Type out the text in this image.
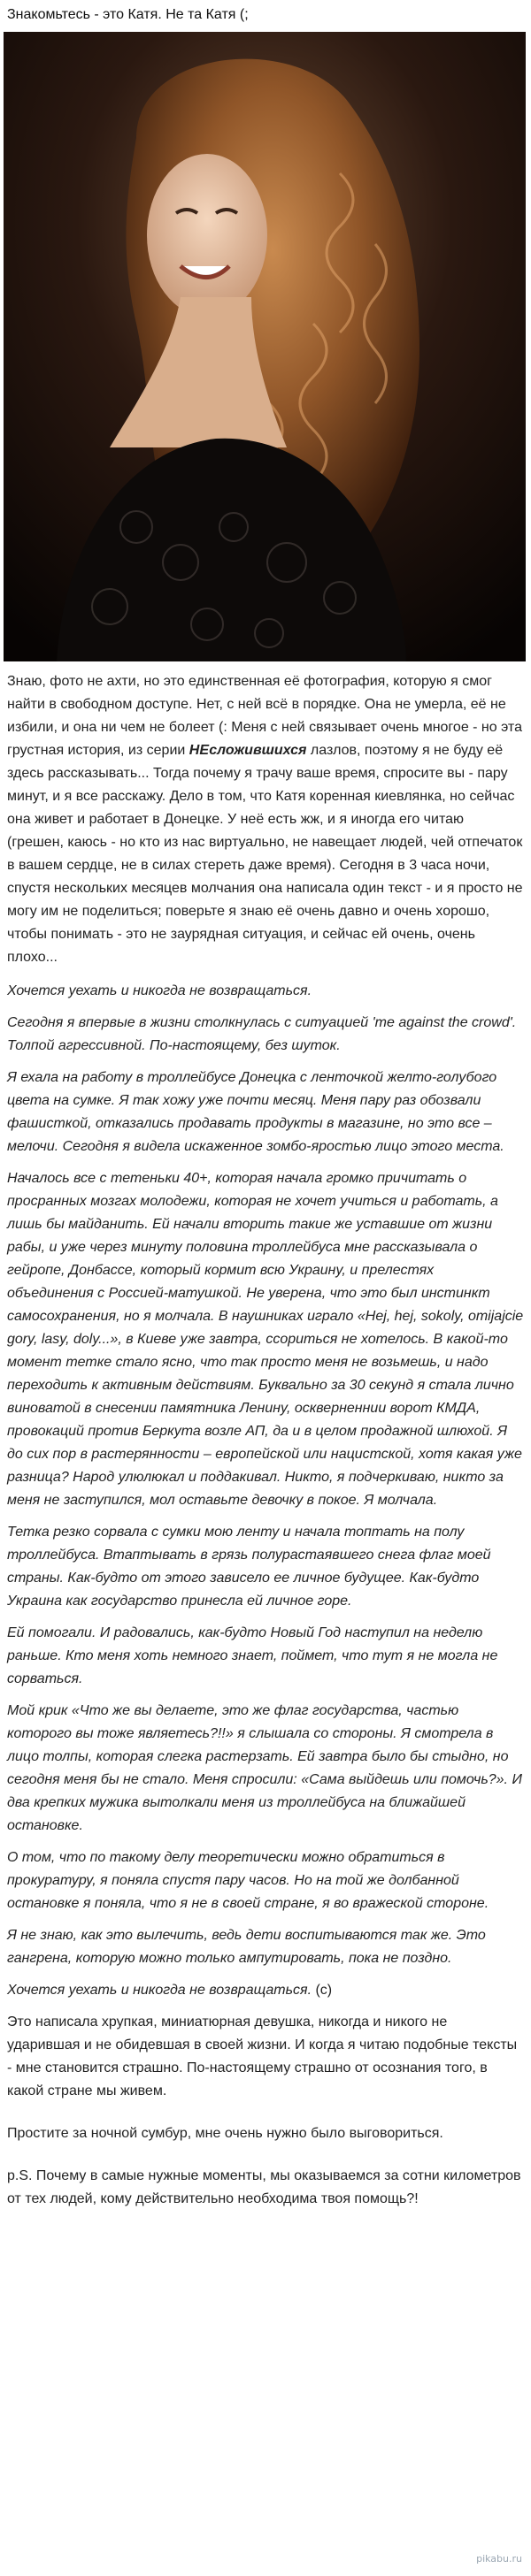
Знакомьтесь - это Катя. Не та Катя (;

Знаю, фото не ахти, но это единственная её фотография, которую я смог найти в свободном доступе. Нет, с ней всё в порядке. Она не умерла, её не избили, и она ни чем не болеет (: Меня с ней связывает очень многое - но эта грустная история, из серии НЕсложившихся лазлов, поэтому я не буду её здесь рассказывать... Тогда почему я трачу ваше время, спросите вы - пару минут, и я все расскажу. Дело в том, что Катя коренная киевлянка, но сейчас она живет и работает в Донецке. У неё есть жж, и я иногда его читаю (грешен, каюсь - но кто из нас виртуально, не навещает людей, чей отпечаток в вашем сердце, не в силах стереть даже время). Сегодня в 3 часа ночи, спустя нескольких месяцев молчания она написала один текст - и я просто не могу им не поделиться; поверьте я знаю её очень давно и очень хорошо, чтобы понимать - это не заурядная ситуация, и сейчас ей очень, очень плохо...

Хочется уехать и никогда не возвращаться.

Сегодня я впервые в жизни столкнулась с ситуацией 'me against the crowd'. Толпой агрессивной. По-настоящему, без шуток.

Я ехала на работу в троллейбусе Донецка с ленточкой желто-голубого цвета на сумке. Я так хожу уже почти месяц. Меня пару раз обозвали фашисткой, отказались продавать продукты в магазине, но это все – мелочи. Сегодня я видела искаженное зомбо-яростью лицо этого места.

Началось все с тетеньки 40+, которая начала громко причитать о просранных мозгах молодежи, которая не хочет учиться и работать, а лишь бы майданить. Ей начали вторить такие же уставшие от жизни рабы, и уже через минуту половина троллейбуса мне рассказывала о гейропе, Донбассе, который кормит всю Украину, и прелестях объединения с Россией-матушкой. Не уверена, что это был инстинкт самосохранения, но я молчала. В наушниках играло «Hej, hej, sokoly, omijajcie gory, lasy, doly...», в Киеве уже завтра, ссориться не хотелось. В какой-то момент тетке стало ясно, что так просто меня не возьмешь, и надо переходить к активным действиям. Буквально за 30 секунд я стала лично виноватой в снесении памятника Ленину, оскверненнии ворот КМДА, провокаций против Беркута возле АП, да и в целом продажной шлюхой. Я до сих пор в растерянности – европейской или нацистской, хотя какая уже разница? Народ улюлюкал и поддакивал. Никто, я подчеркиваю, никто за меня не заступился, мол оставьте девочку в покое. Я молчала.

Тетка резко сорвала с сумки мою ленту и начала топтать на полу троллейбуса. Втаптывать в грязь полурастаявшего снега флаг моей страны. Как-будто от этого зависело ее личное будущее. Как-будто Украина как государство принесла ей личное горе.

Ей помогали. И радовались, как-будто Новый Год наступил на неделю раньше. Кто меня хоть немного знает, поймет, что тут я не могла не сорваться.

Мой крик «Что же вы делаете, это же флаг государства, частью которого вы тоже являетесь?!!» я слышала со стороны. Я смотрела в лицо толпы, которая слегка растерзать. Ей завтра было бы стыдно, но сегодня меня бы не стало. Меня спросили: «Сама выйдешь или помочь?». И два крепких мужика вытолкали меня из троллейбуса на ближайшей остановке.

О том, что по такому делу теоретически можно обратиться в прокуратуру, я поняла спустя пару часов. Но на той же долбанной остановке я поняла, что я не в своей стране, я во вражеской стороне.

Я не знаю, как это вылечить, ведь дети воспитываются так же. Это гангрена, которую можно только ампутировать, пока не поздно.

Хочется уехать и никогда не возвращаться. (с)

Это написала хрупкая, миниатюрная девушка, никогда и никого не ударившая и не обидевшая в своей жизни. И когда я читаю подобные тексты - мне становится страшно. По-настоящему страшно от осознания того, в какой стране мы живем.

Простите за ночной сумбур, мне очень нужно было выговориться.

p.S. Почему в самые нужные моменты, мы оказываемся за сотни километров от тех людей, кому действительно необходима твоя помощь?!

pikabu.ru
